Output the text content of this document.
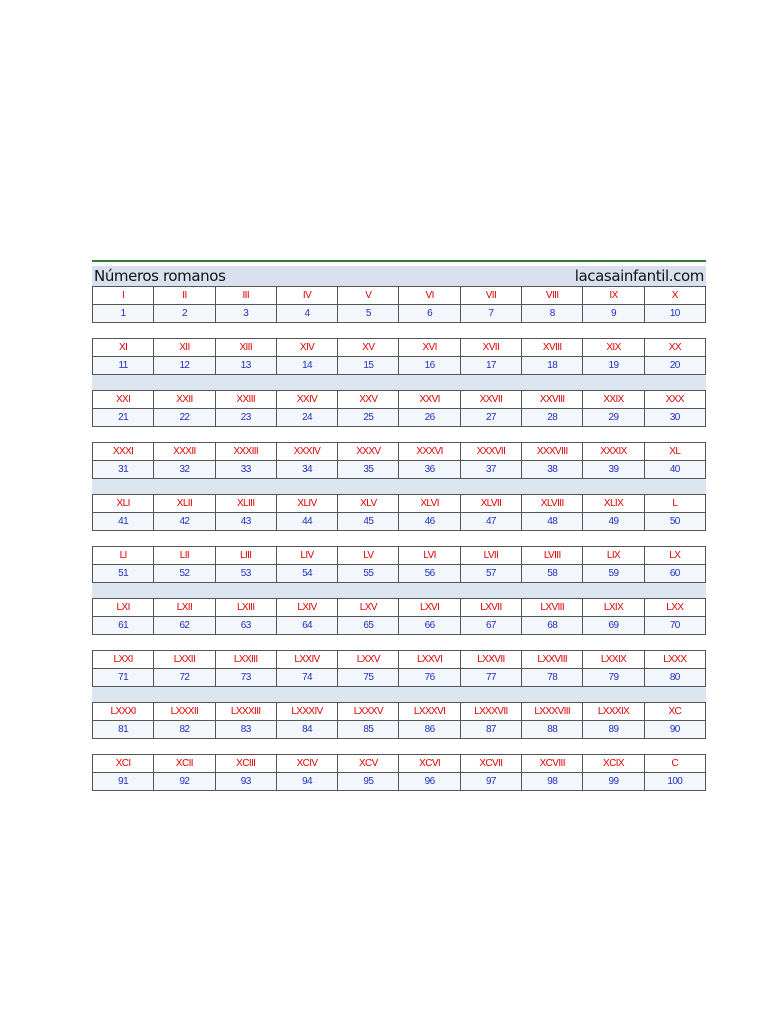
Números romanos	lacasainfantil.com
I	II	III	IV	V	VI	VII	VIII	IX	X
1	2	3	4	5	6	7	8	9	10
XI	XII	XIII	XIV	XV	XVI	XVII	XVIII	XIX	XX
11	12	13	14	15	16	17	18	19	20
XXI	XXII	XXIII	XXIV	XXV	XXVI	XXVII	XXVIII	XXIX	XXX
21	22	23	24	25	26	27	28	29	30
XXXI	XXXII	XXXIII	XXXIV	XXXV	XXXVI	XXXVII	XXXVIII	XXXIX	XL
31	32	33	34	35	36	37	38	39	40
XLI	XLII	XLIII	XLIV	XLV	XLVI	XLVII	XLVIII	XLIX	L
41	42	43	44	45	46	47	48	49	50
LI	LII	LIII	LIV	LV	LVI	LVII	LVIII	LIX	LX
51	52	53	54	55	56	57	58	59	60
LXI	LXII	LXIII	LXIV	LXV	LXVI	LXVII	LXVIII	LXIX	LXX
61	62	63	64	65	66	67	68	69	70
LXXI	LXXII	LXXIII	LXXIV	LXXV	LXXVI	LXXVII	LXXVIII	LXXIX	LXXX
71	72	73	74	75	76	77	78	79	80
LXXXI	LXXXII	LXXXIII	LXXXIV	LXXXV	LXXXVI	LXXXVII	LXXXVIII	LXXXIX	XC
81	82	83	84	85	86	87	88	89	90
XCI	XCII	XCIII	XCIV	XCV	XCVI	XCVII	XCVIII	XCIX	C
91	92	93	94	95	96	97	98	99	100
